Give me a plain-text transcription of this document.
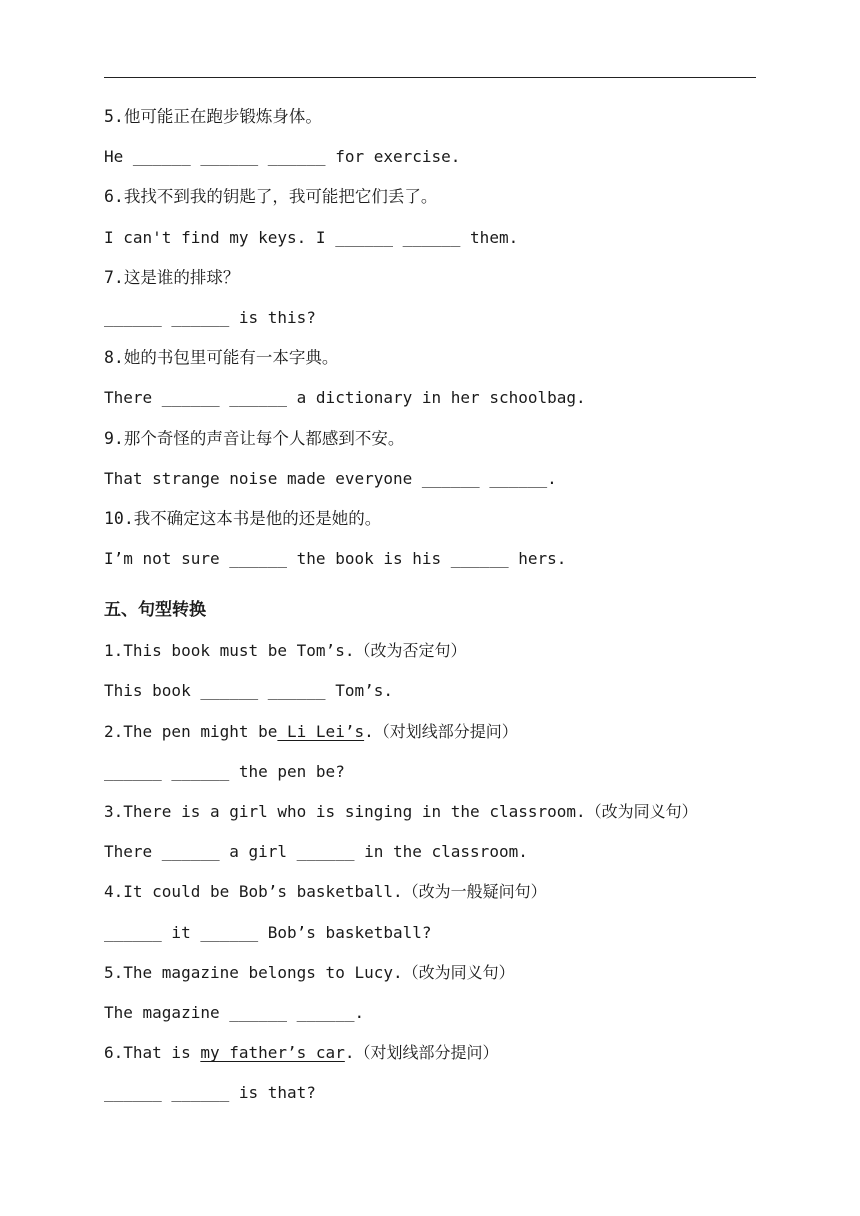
5.他可能正在跑步锻炼身体。
He ______ ______ ______ for exercise.
6.我找不到我的钥匙了，我可能把它们丢了。
I can't find my keys. I ______ ______ them.
7.这是谁的排球？
______ ______ is this?
8.她的书包里可能有一本字典。
There ______ ______ a dictionary in her schoolbag.
9.那个奇怪的声音让每个人都感到不安。
That strange noise made everyone ______ ______.
10.我不确定这本书是他的还是她的。
I’m not sure ______ the book is his ______ hers.
五、句型转换
1.This book must be Tom’s.（改为否定句）
This book ______ ______ Tom’s.
2.The pen might be Li Lei’s.（对划线部分提问）
______ ______ the pen be?
3.There is a girl who is singing in the classroom.（改为同义句）
There ______ a girl ______ in the classroom.
4.It could be Bob’s basketball.（改为一般疑问句）
______ it ______ Bob’s basketball?
5.The magazine belongs to Lucy.（改为同义句）
The magazine ______ ______.
6.That is my father’s car.（对划线部分提问）
______ ______ is that?
